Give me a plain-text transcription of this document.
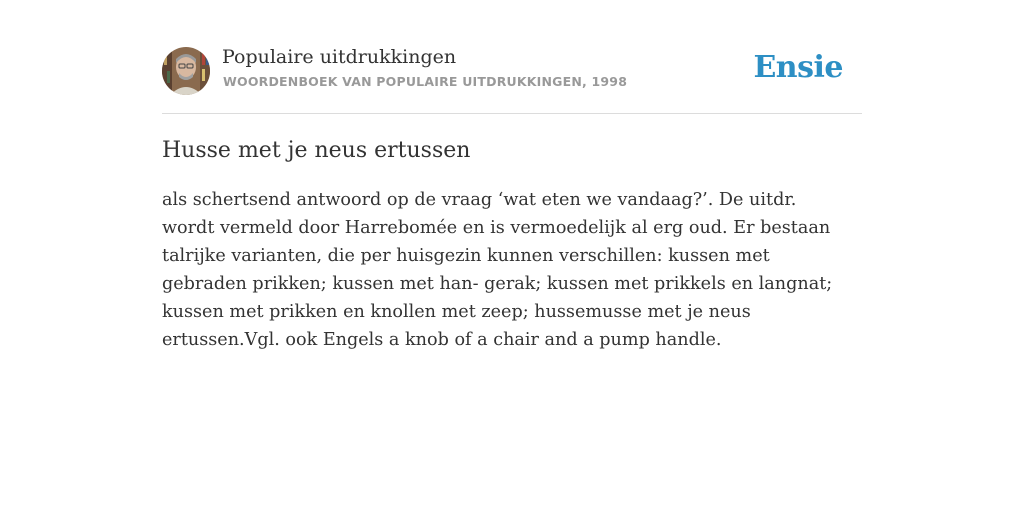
Populaire uitdrukkingen
WOORDENBOEK VAN POPULAIRE UITDRUKKINGEN, 1998	Ensie
Husse met je neus ertussen

als schertsend antwoord op de vraag ‘wat eten we vandaag?’. De uitdr. wordt vermeld door Harrebomée en is vermoedelijk al erg oud. Er bestaan talrijke varianten, die per huisgezin kunnen verschillen: kussen met gebraden prikken; kussen met han- gerak; kussen met prikkels en langnat; kussen met prikken en knollen met zeep; hussemusse met je neus ertussen.Vgl. ook Engels a knob of a chair and a pump handle.
